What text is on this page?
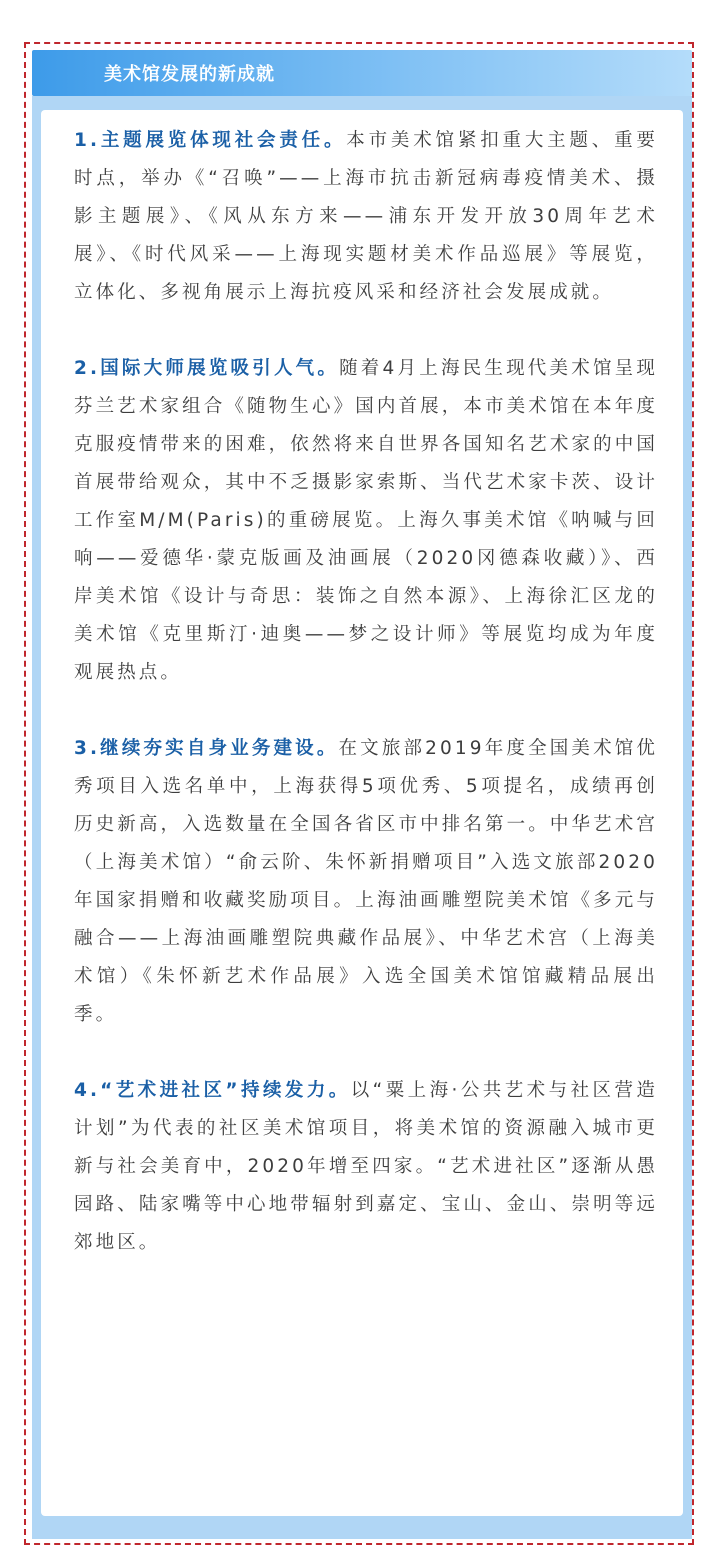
美术馆发展的新成就

1.主题展览体现社会责任。本市美术馆紧扣重大主题、重要时点，举办《“召唤”——上海市抗击新冠病毒疫情美术、摄影主题展》、《风从东方来——浦东开发开放30周年艺术展》、《时代风采——上海现实题材美术作品巡展》等展览，立体化、多视角展示上海抗疫风采和经济社会发展成就。

2.国际大师展览吸引人气。随着4月上海民生现代美术馆呈现芬兰艺术家组合《随物生心》国内首展，本市美术馆在本年度克服疫情带来的困难，依然将来自世界各国知名艺术家的中国首展带给观众，其中不乏摄影家索斯、当代艺术家卡茨、设计工作室M/M(Paris)的重磅展览。上海久事美术馆《呐喊与回响——爱德华·蒙克版画及油画展（2020冈德森收藏）》、西岸美术馆《设计与奇思：装饰之自然本源》、上海徐汇区龙的美术馆《克里斯汀·迪奥——梦之设计师》等展览均成为年度观展热点。

3.继续夯实自身业务建设。在文旅部2019年度全国美术馆优秀项目入选名单中，上海获得5项优秀、5项提名，成绩再创历史新高，入选数量在全国各省区市中排名第一。中华艺术宫（上海美术馆）“俞云阶、朱怀新捐赠项目”入选文旅部2020年国家捐赠和收藏奖励项目。上海油画雕塑院美术馆《多元与融合——上海油画雕塑院典藏作品展》、中华艺术宫（上海美术馆）《朱怀新艺术作品展》入选全国美术馆馆藏精品展出季。

4.“艺术进社区”持续发力。以“粟上海·公共艺术与社区营造计划”为代表的社区美术馆项目，将美术馆的资源融入城市更新与社会美育中，2020年增至四家。“艺术进社区”逐渐从愚园路、陆家嘴等中心地带辐射到嘉定、宝山、金山、崇明等远郊地区。
